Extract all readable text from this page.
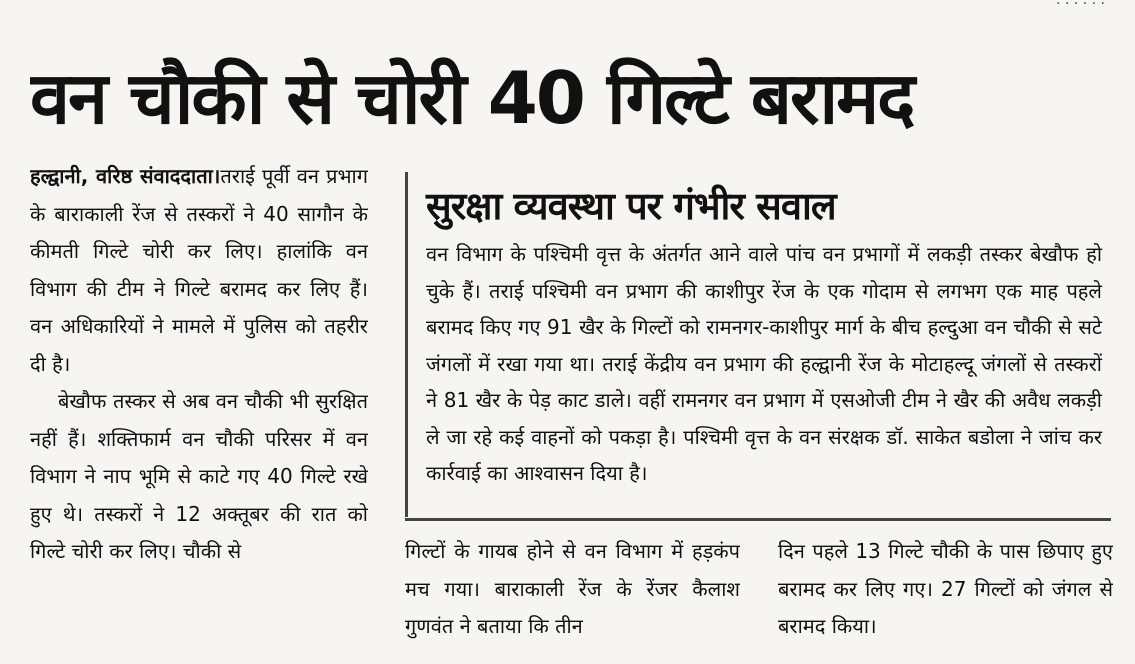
. . . . . .
वन चौकी से चोरी 40 गिल्टे बरामद

हल्द्वानी, वरिष्ठ संवाददाता।तराई पूर्वी वन प्रभाग के बाराकाली रेंज से तस्करों ने 40 सागौन के कीमती गिल्टे चोरी कर लिए। हालांकि वन विभाग की टीम ने गिल्टे बरामद कर लिए हैं। वन अधिकारियों ने मामले में पुलिस को तहरीर दी है।

बेखौफ तस्कर से अब वन चौकी भी सुरक्षित नहीं हैं। शक्तिफार्म वन चौकी परिसर में वन विभाग ने नाप भूमि से काटे गए 40 गिल्टे रखे हुए थे। तस्करों ने 12 अक्तूबर की रात को गिल्टे चोरी कर लिए। चौकी से

सुरक्षा व्यवस्था पर गंभीर सवाल
वन विभाग के पश्चिमी वृत्त के अंतर्गत आने वाले पांच वन प्रभागों में लकड़ी तस्कर बेखौफ हो चुके हैं। तराई पश्चिमी वन प्रभाग की काशीपुर रेंज के एक गोदाम से लगभग एक माह पहले बरामद किए गए 91 खैर के गिल्टों को रामनगर-काशीपुर मार्ग के बीच हल्दुआ वन चौकी से सटे जंगलों में रखा गया था। तराई केंद्रीय वन प्रभाग की हल्द्वानी रेंज के मोटाहल्दू जंगलों से तस्करों ने 81 खैर के पेड़ काट डाले। वहीं रामनगर वन प्रभाग में एसओजी टीम ने खैर की अवैध लकड़ी ले जा रहे कई वाहनों को पकड़ा है। पश्चिमी वृत्त के वन संरक्षक डॉ. साकेत बडोला ने जांच कर कार्रवाई का आश्वासन दिया है।

गिल्टों के गायब होने से वन विभाग में हड़कंप मच गया। बाराकाली रेंज के रेंजर कैलाश गुणवंत ने बताया कि तीन

दिन पहले 13 गिल्टे चौकी के पास छिपाए हुए बरामद कर लिए गए। 27 गिल्टों को जंगल से बरामद किया।
